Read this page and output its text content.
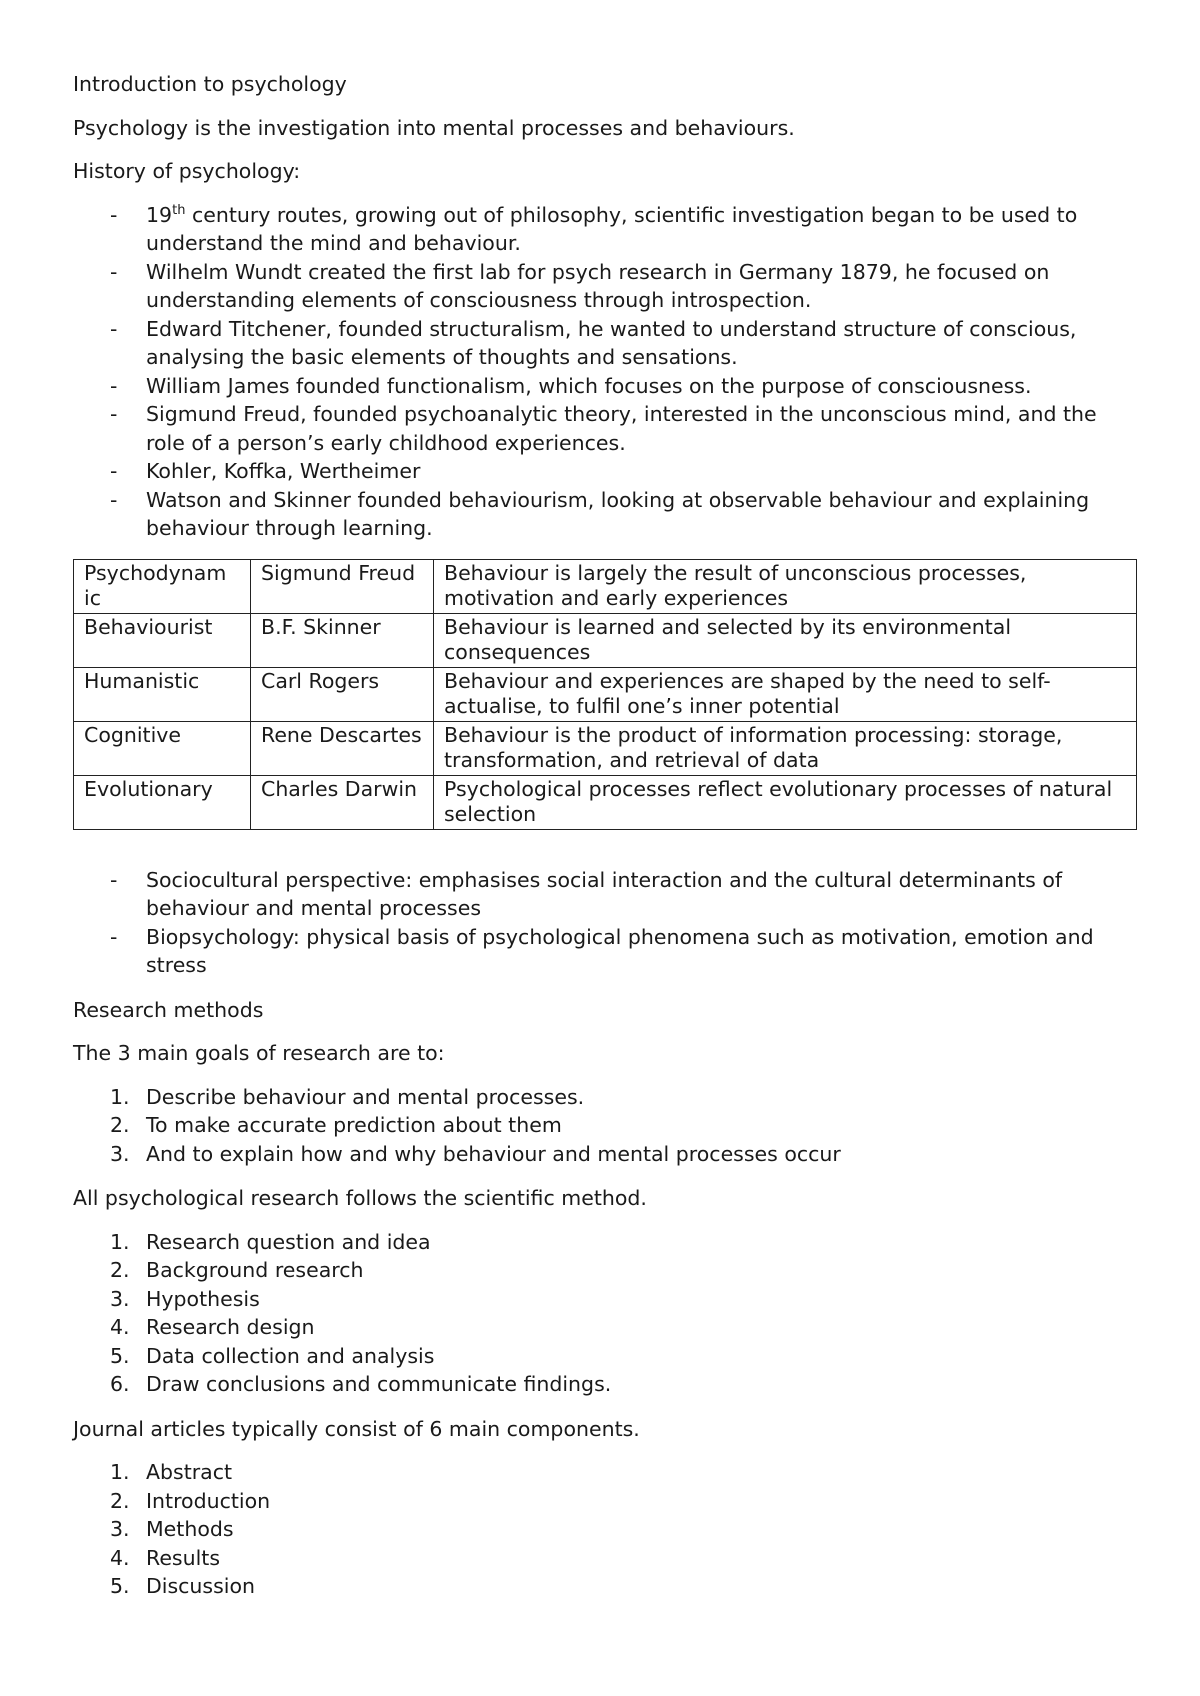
Introduction to psychology

Psychology is the investigation into mental processes and behaviours.

History of psychology:

- 19th century routes, growing out of philosophy, scientific investigation began to be used to understand the mind and behaviour.
- Wilhelm Wundt created the first lab for psych research in Germany 1879, he focused on understanding elements of consciousness through introspection.
- Edward Titchener, founded structuralism, he wanted to understand structure of conscious, analysing the basic elements of thoughts and sensations.
- William James founded functionalism, which focuses on the purpose of consciousness.
- Sigmund Freud, founded psychoanalytic theory, interested in the unconscious mind, and the role of a person’s early childhood experiences.
- Kohler, Koffka, Wertheimer
- Watson and Skinner founded behaviourism, looking at observable behaviour and explaining behaviour through learning.
Psychodynam ic	Sigmund Freud	Behaviour is largely the result of unconscious processes, motivation and early experiences
Behaviourist	B.F. Skinner	Behaviour is learned and selected by its environmental consequences
Humanistic	Carl Rogers	Behaviour and experiences are shaped by the need to self-actualise, to fulfil one’s inner potential
Cognitive	Rene Descartes	Behaviour is the product of information processing: storage, transformation, and retrieval of data
Evolutionary	Charles Darwin	Psychological processes reflect evolutionary processes of natural selection
- Sociocultural perspective: emphasises social interaction and the cultural determinants of behaviour and mental processes
- Biopsychology: physical basis of psychological phenomena such as motivation, emotion and stress

Research methods

The 3 main goals of research are to:

1. Describe behaviour and mental processes.
2. To make accurate prediction about them
3. And to explain how and why behaviour and mental processes occur

All psychological research follows the scientific method.

1. Research question and idea
2. Background research
3. Hypothesis
4. Research design
5. Data collection and analysis
6. Draw conclusions and communicate findings.

Journal articles typically consist of 6 main components.

1. Abstract
2. Introduction
3. Methods
4. Results
5. Discussion
